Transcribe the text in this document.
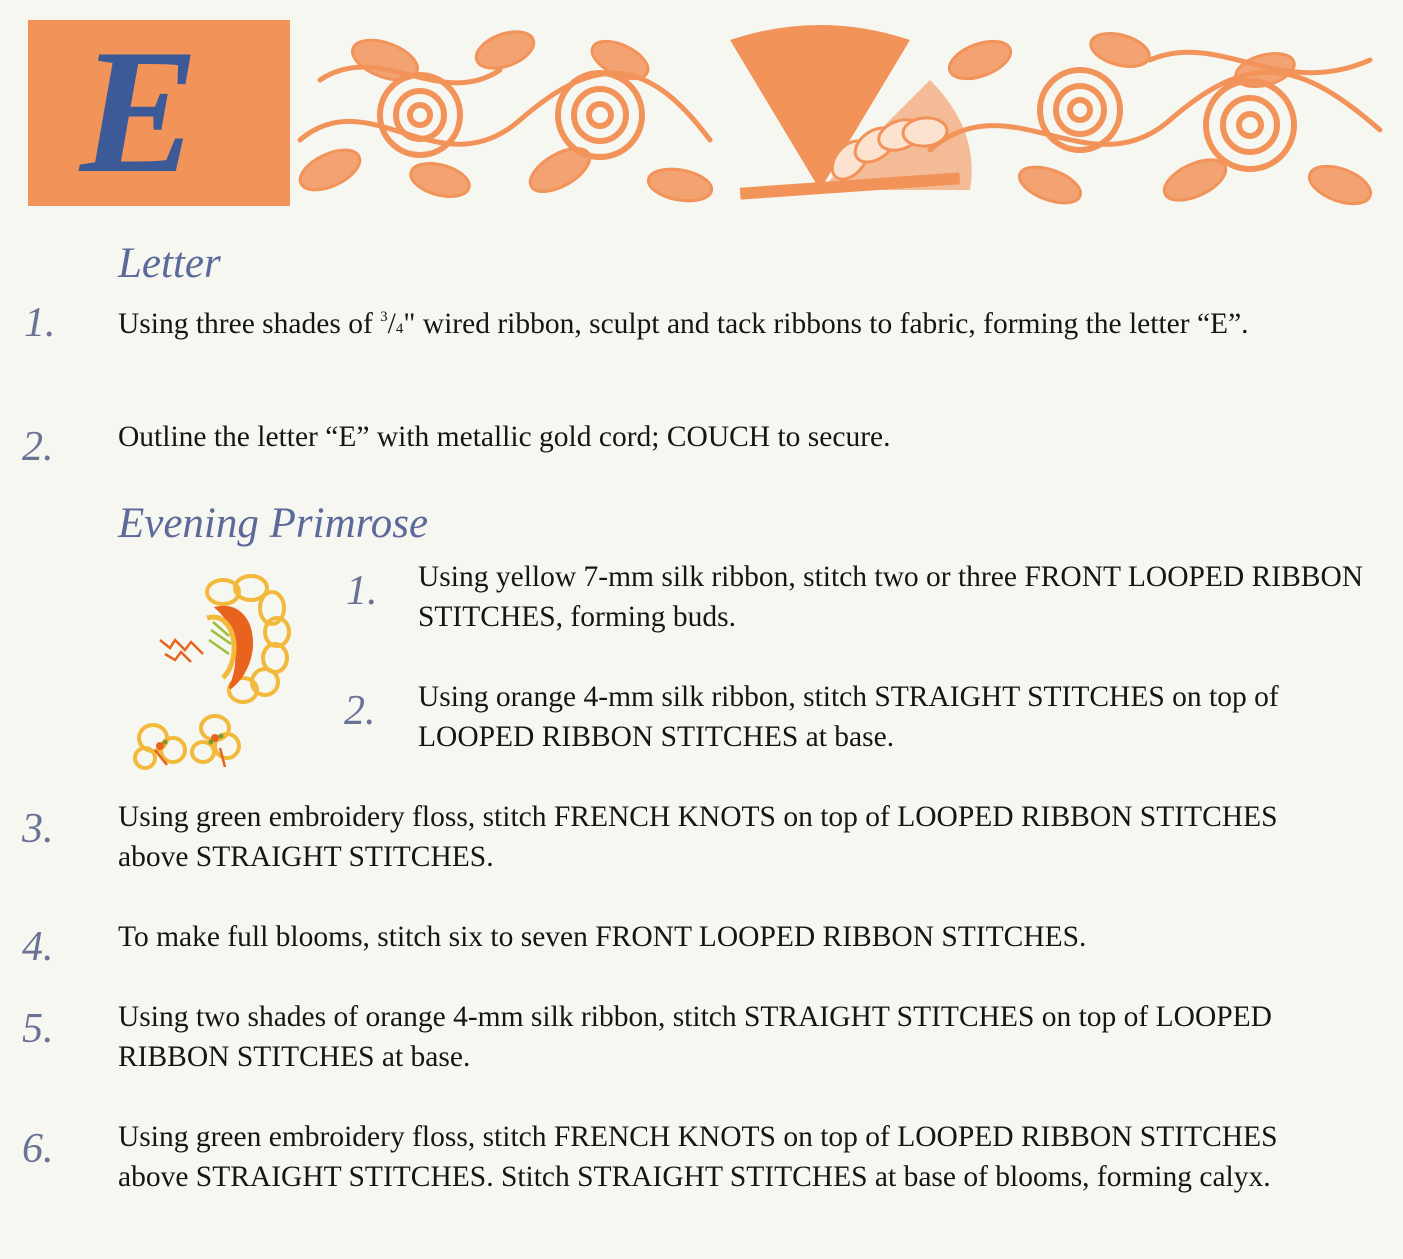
E
Letter
1. Using three shades of $^3$/4" wired ribbon, sculpt and tack ribbons to fabric, forming the letter “E”.
2. Outline the letter “E” with metallic gold cord; COUCH to secure.
Evening Primrose
1. Using yellow 7-mm silk ribbon, stitch two or three FRONT LOOPED RIBBON STITCHES, forming buds.
2. Using orange 4-mm silk ribbon, stitch STRAIGHT STITCHES on top of LOOPED RIBBON STITCHES at base.
3. Using green embroidery floss, stitch FRENCH KNOTS on top of LOOPED RIBBON STITCHES above STRAIGHT STITCHES.
4. To make full blooms, stitch six to seven FRONT LOOPED RIBBON STITCHES.
5. Using two shades of orange 4-mm silk ribbon, stitch STRAIGHT STITCHES on top of LOOPED RIBBON STITCHES at base.
6. Using green embroidery floss, stitch FRENCH KNOTS on top of LOOPED RIBBON STITCHES above STRAIGHT STITCHES. Stitch STRAIGHT STITCHES at base of blooms, forming calyx.
